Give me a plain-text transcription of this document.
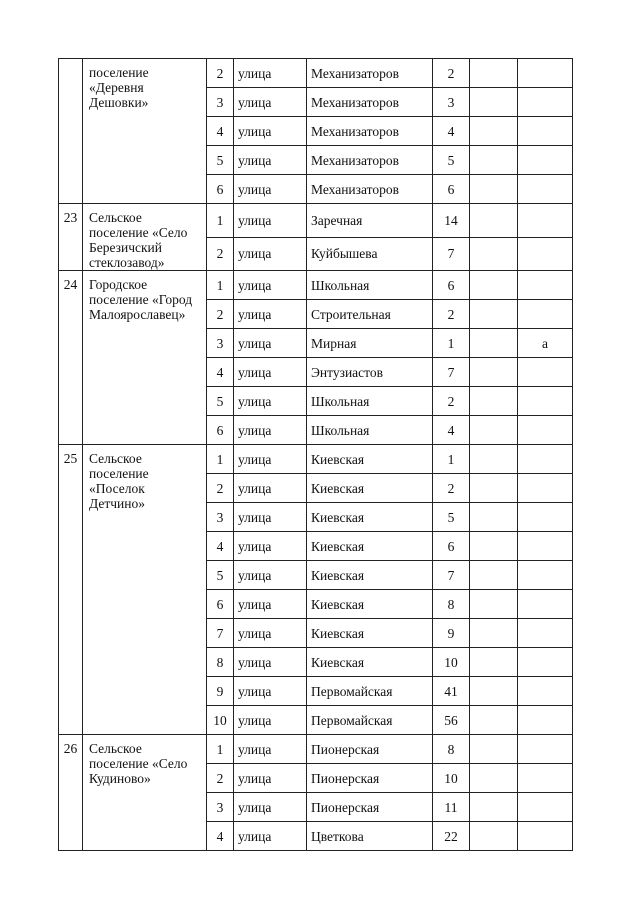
	поселение «Деревня Дешовки»	2	улица	Механизаторов	2		
		3	улица	Механизаторов	3		
		4	улица	Механизаторов	4		
		5	улица	Механизаторов	5		
		6	улица	Механизаторов	6		

23	Сельское поселение «Село Березичский стеклозавод»	1	улица	Заречная	14		
		2	улица	Куйбышева	7		

24	Городское поселение «Город Малоярославец»	1	улица	Школьная	6		
		2	улица	Строительная	2		
		3	улица	Мирная	1		а
		4	улица	Энтузиастов	7		
		5	улица	Школьная	2		
		6	улица	Школьная	4		

25	Сельское поселение «Поселок Детчино»	1	улица	Киевская	1		
		2	улица	Киевская	2		
		3	улица	Киевская	5		
		4	улица	Киевская	6		
		5	улица	Киевская	7		
		6	улица	Киевская	8		
		7	улица	Киевская	9		
		8	улица	Киевская	10		
		9	улица	Первомайская	41		
		10	улица	Первомайская	56		

26	Сельское поселение «Село Кудиново»	1	улица	Пионерская	8		
		2	улица	Пионерская	10		
		3	улица	Пионерская	11		
		4	улица	Цветкова	22		
